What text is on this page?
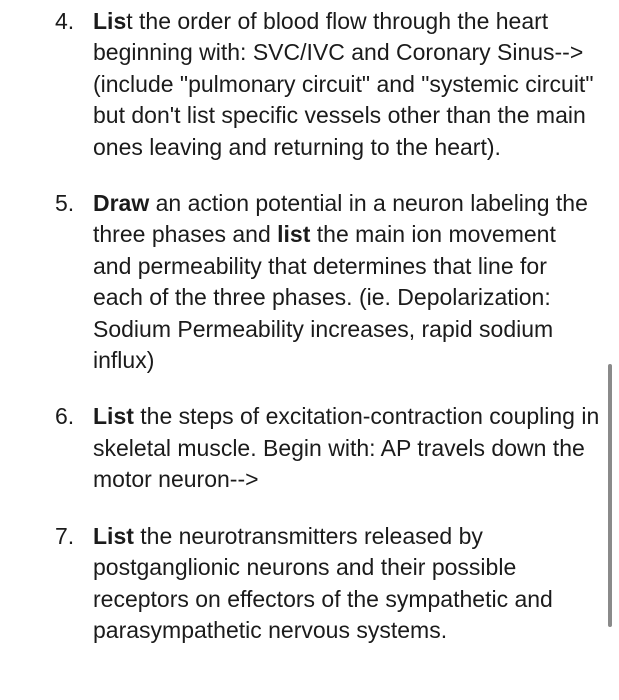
4. List the order of blood flow through the heart beginning with: SVC/IVC and Coronary Sinus--> (include "pulmonary circuit" and "systemic circuit" but don't list specific vessels other than the main ones leaving and returning to the heart).
5. Draw an action potential in a neuron labeling the three phases and list the main ion movement and permeability that determines that line for each of the three phases. (ie. Depolarization: Sodium Permeability increases, rapid sodium influx)
6. List the steps of excitation-contraction coupling in skeletal muscle. Begin with: AP travels down the motor neuron-->
7. List the neurotransmitters released by postganglionic neurons and their possible receptors on effectors of the sympathetic and parasympathetic nervous systems.
